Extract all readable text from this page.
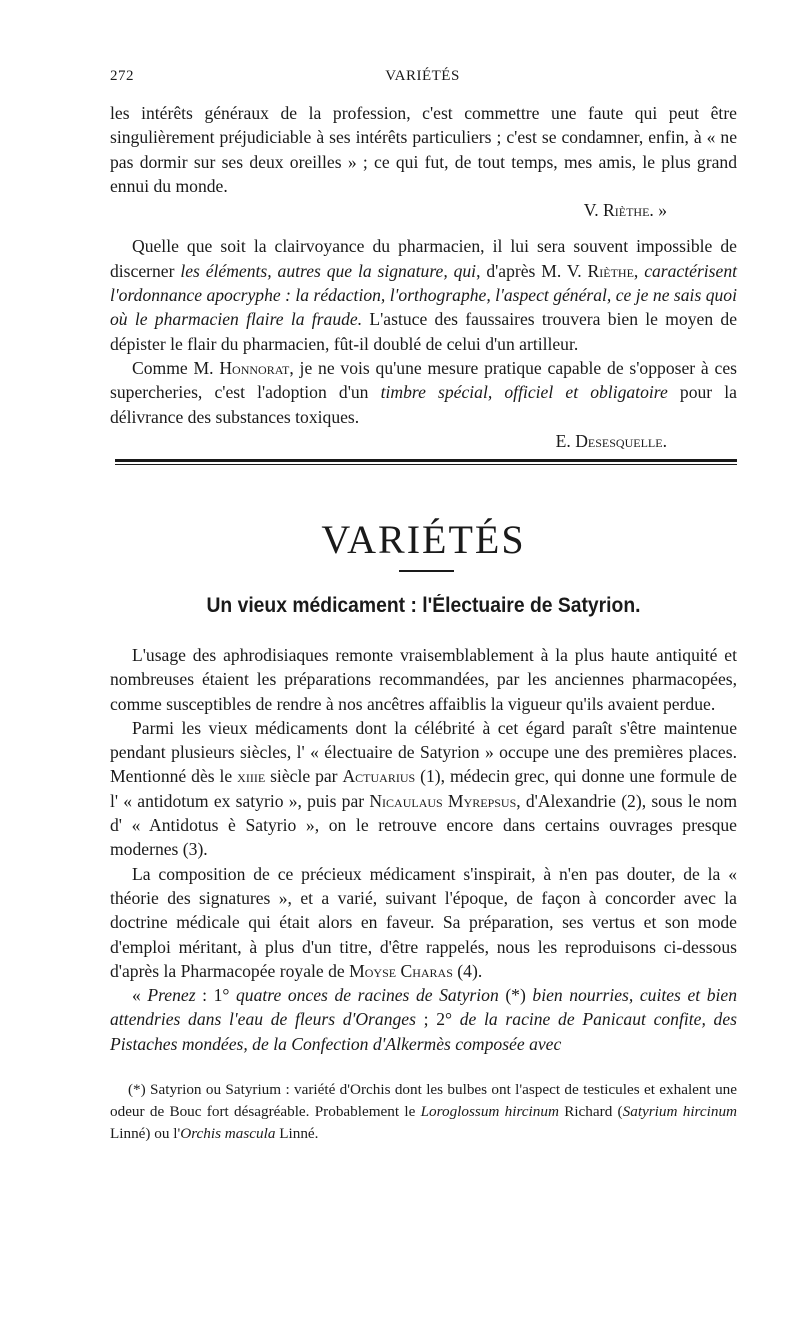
272	VARIÉTÉS

les intérêts généraux de la profession, c'est commettre une faute qui peut être singulièrement préjudiciable à ses intérêts particuliers ; c'est se condamner, enfin, à « ne pas dormir sur ses deux oreilles » ; ce qui fut, de tout temps, mes amis, le plus grand ennui du monde.

V. Rièthe. »

Quelle que soit la clairvoyance du pharmacien, il lui sera souvent impossible de discerner les éléments, autres que la signature, qui, d'après M. V. Rièthe, caractérisent l'ordonnance apocryphe : la rédaction, l'orthographe, l'aspect général, ce je ne sais quoi où le pharmacien flaire la fraude. L'astuce des faussaires trouvera bien le moyen de dépister le flair du pharmacien, fût-il doublé de celui d'un artilleur.

Comme M. Honnorat, je ne vois qu'une mesure pratique capable de s'opposer à ces supercheries, c'est l'adoption d'un timbre spécial, officiel et obligatoire pour la délivrance des substances toxiques.

E. Desesquelle.

VARIÉTÉS
Un vieux médicament : l'Électuaire de Satyrion.

L'usage des aphrodisiaques remonte vraisemblablement à la plus haute antiquité et nombreuses étaient les préparations recommandées, par les anciennes pharmacopées, comme susceptibles de rendre à nos ancêtres affaiblis la vigueur qu'ils avaient perdue.

Parmi les vieux médicaments dont la célébrité à cet égard paraît s'être maintenue pendant plusieurs siècles, l' « électuaire de Satyrion » occupe une des premières places. Mentionné dès le xiiie siècle par Actuarius (1), médecin grec, qui donne une formule de l' « antidotum ex satyrio », puis par Nicaulaus Myrepsus, d'Alexandrie (2), sous le nom d' « Antidotus è Satyrio », on le retrouve encore dans certains ouvrages presque modernes (3).

La composition de ce précieux médicament s'inspirait, à n'en pas douter, de la « théorie des signatures », et a varié, suivant l'époque, de façon à concorder avec la doctrine médicale qui était alors en faveur. Sa préparation, ses vertus et son mode d'emploi méritant, à plus d'un titre, d'être rappelés, nous les reproduisons ci-dessous d'après la Pharmacopée royale de Moyse Charas (4).

« Prenez : 1° quatre onces de racines de Satyrion (*) bien nourries, cuites et bien attendries dans l'eau de fleurs d'Oranges ; 2° de la racine de Panicaut confite, des Pistaches mondées, de la Confection d'Alkermès composée avec

(*) Satyrion ou Satyrium : variété d'Orchis dont les bulbes ont l'aspect de testicules et exhalent une odeur de Bouc fort désagréable. Probablement le Loroglossum hircinum Richard (Satyrium hircinum Linné) ou l'Orchis mascula Linné.
